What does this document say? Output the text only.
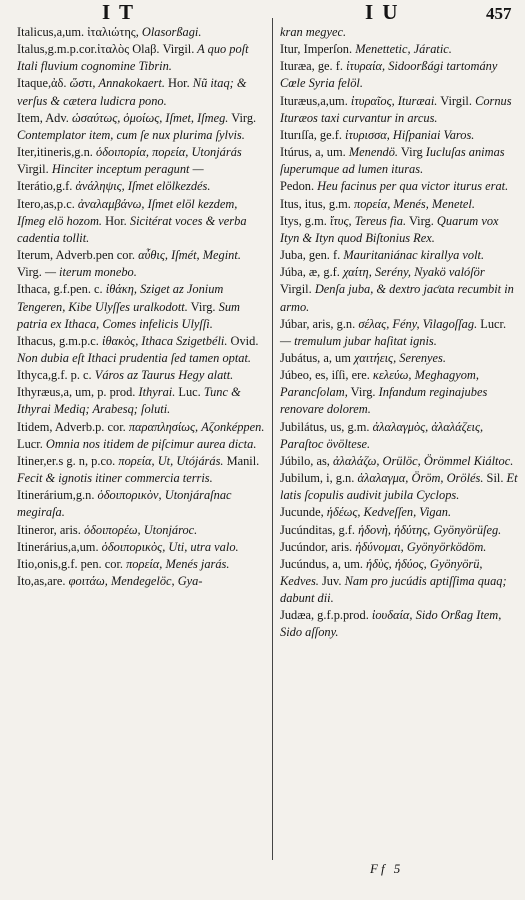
I T	I U	457

Italicus,a,um. ἰταλιώτης, Olasorßagi.

Italus,g.m.p.cor.ἰταλὸς Olaβ. Virgil. A quo poſt Itali fluvium cognomine Tibrin.

Itaque,ἀδ. ὥστι, Annakokaert. Hor. Nũ itaq; & verſus & cætera ludicra pono.

Item, Adv. ὡσαύτως, ὁμοίως, Iſmet, Iſmeg. Virg. Contemplator item, cum ſe nux plurima ſylvis.

Iter,itineris,g.n. ὁδοιπορία, πορεία, Utonjárás Virgil. Hinciter inceptum peragunt —

Iterátio,g.f. ἀνάληψις, Iſmet elölkezdés.

Itero,as,p.c. ἀναλαμβάνω, Iſmet elöl kezdem, Iſmeg elö hozom. Hor. Sicitérat voces & verba cadentia tollit.

Iterum, Adverb.pen cor. αὖθις, Iſmét, Megint. Virg. — iterum monebo.

Ithaca, g.f.pen. c. ἰθάκη, Sziget az Jonium Tengeren, Kibe Ulyſſes uralkodott. Virg. Sum patria ex Ithaca, Comes infelicis Ulyſſi.

Ithacus, g.m.p.c. ἰθακὸς, Ithaca Szigetbéli. Ovid. Non dubia eſt Ithaci prudentia ſed tamen optat.

Ithyca,g.f. p. c. Város az Taurus Hegy alatt.

Ithyræus,a, um, p. prod. Ithyrai. Luc. Tunc & Ithyrai Mediq; Arabesq; ſoluti.

Itidem, Adverb.p. cor. παραπλησίως, Aζonképpen. Lucr. Omnia nos itidem de piſcimur aurea dicta.

Itiner,er.s g. n, p.co. πορεία, Ut, Utójárás. Manil. Fecit & ignotis itiner commercia terris.

Itinerárium,g.n. ὁδοιπορικὸν, Utonjáraſnac megiraſa.

Itineror, aris. ὁδοιπορέω, Utonjároc.

Itinerárius,a,um. ὁδοιπορικὸς, Uti, utra valo.

Itio,onis,g.f. pen. cor. πορεία, Menés jarás.

Ito,as,are. φοιτάω, Mendegelöc, Gya-

kran megyec.

Itur, Imperſon. Menettetic, Járatic.

Ituræa, ge. f. ἰτυραία, Sidoorßági tartomány Cœle Syria felöl.

Ituræus,a,um. ἰτυραῖος, Ituræai. Virgil. Cornus Ituræos taxi curvantur in arcus.

Iturıſſa, ge.f. ἰτυρισσα, Hiſpaniai Varos.

Itúrus, a, um. Menendö. Virg Iucluſas animas ſuperumque ad lumen ituras.

Pedon. Heu facinus per qua victor iturus erat.

Itus, itus, g.m. πορεία, Menés, Menetel.

Itys, g.m. ἴτυς, Tereus fia. Virg. Quarum vox Ityn & Ityn quod Biſtonius Rex.

Juba, gen. f. Mauritaniánac kirallya volt.

Júba, æ, g.f. χαίτη, Serény, Nyakö valóſör Virgil. Denſa juba, & dextro jaƈata recumbit in armo.

Júbar, aris, g.n. σέλας, Fény, Vilagoſſag. Lucr. — tremulum jubar haſitat ignis.

Jubátus, a, um χαιτήεις, Serenyes.

Júbeo, es, iſſi, ere. κελεύω, Meghagyom, Parancſolam, Virg. Infandum reginajubes renovare dolorem.

Jubilátus, us, g.m. ἀλαλαγμὸς, ἀλαλάζεις, Paraſtoc övöltese.

Júbilo, as, ἀλαλάζω, Orülöc, Örömmel Kiáltoc.

Jubilum, i, g.n. ἀλαλαγμα, Öröm, Orölés. Sil. Et latis ſcopulis audivit jubila Cyclops.

Jucunde, ἡδέως, Kedveſſen, Vigan.

Jucúnditas, g.f. ἡδονὴ, ἡδύτης, Gyönyörüſeg.

Jucúndor, aris. ἡδύνομαι, Gyönyörködöm.

Jucúndus, a, um. ἡδὺς, ἡδύος, Gyönyörü, Kedves. Juv. Nam pro jucúdis aptiſſima quaq; dabunt dii.

Judæa, g.f.p.prod. ἰουδαία, Sido Orßag Item, Sido aſſony.

Ff 5
